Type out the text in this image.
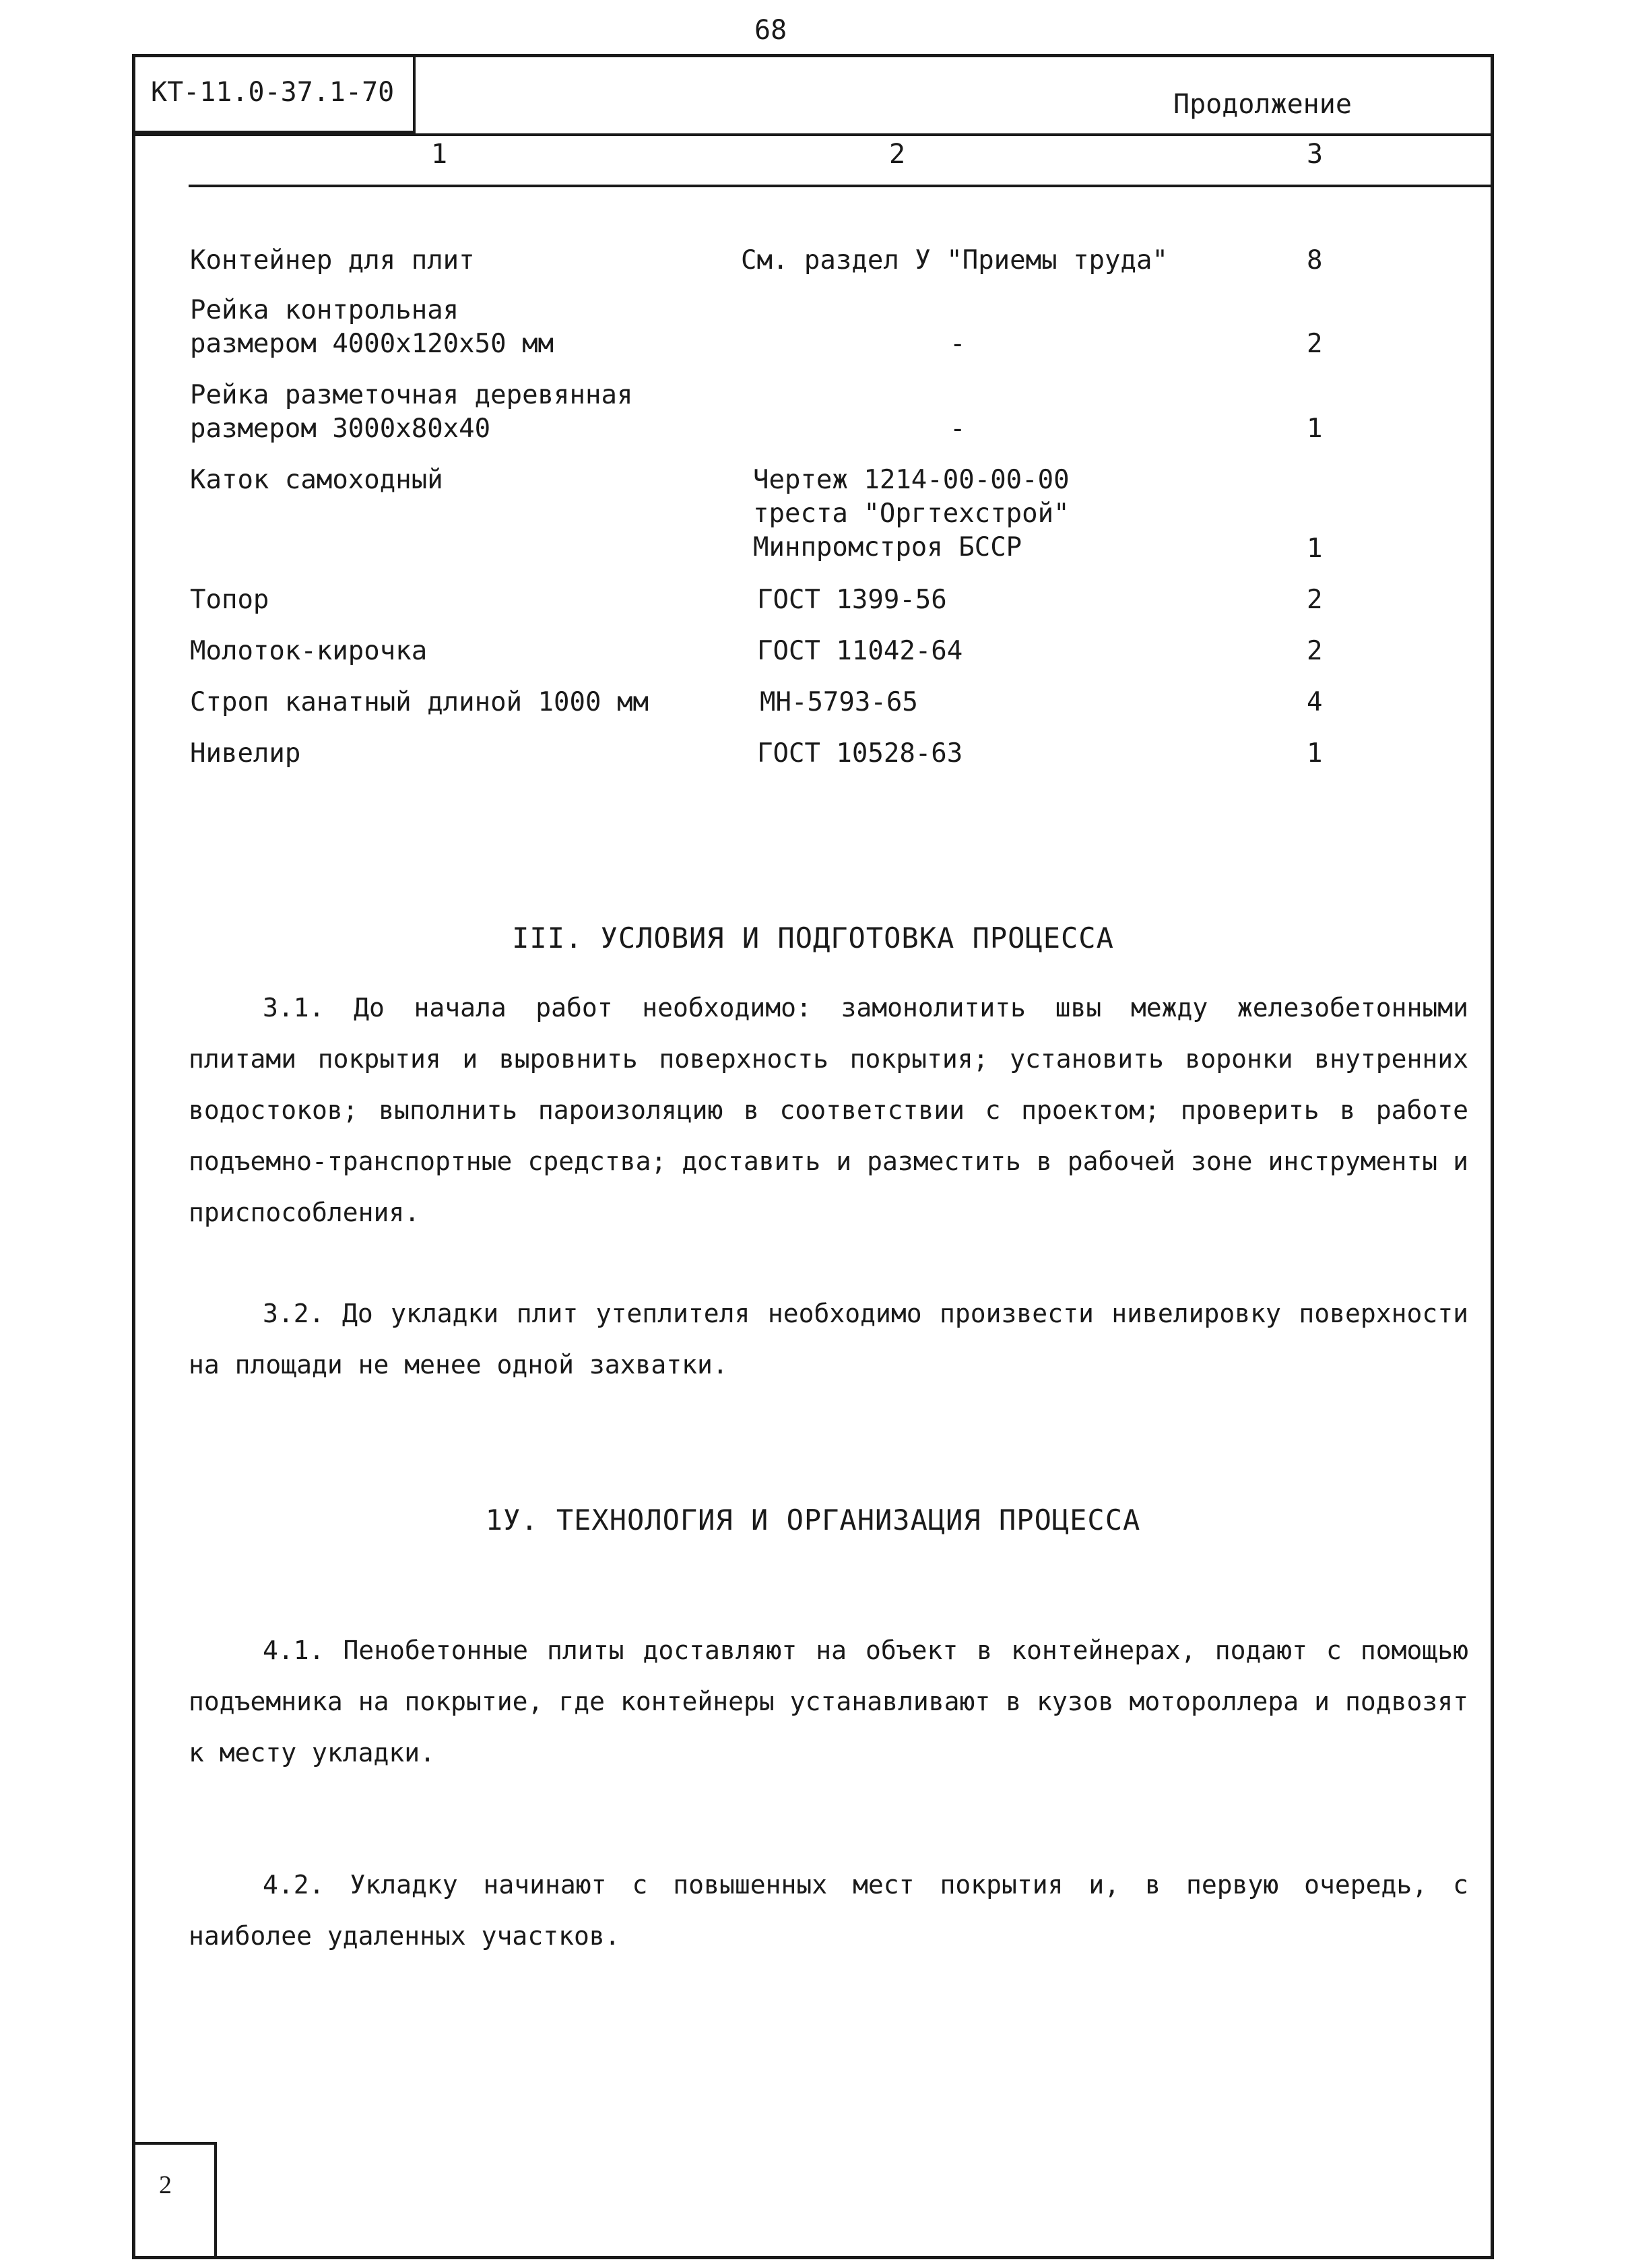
68
КТ-11.0-37.1-70	Продолжение
1	2	3
Контейнер для плит	См. раздел У "Приемы труда"	8
Рейка контрольная
размером 4000х120х50 мм	-	2
Рейка разметочная деревянная
размером 3000х80х40	-	1
Каток самоходный	Чертеж 1214-00-00-00
треста "Оргтехстрой"
Минпромстроя БССР	1
Топор	ГОСТ 1399-56	2
Молоток-кирочка	ГОСТ 11042-64	2
Строп канатный длиной 1000 мм	МН-5793-65	4
Нивелир	ГОСТ 10528-63	1
III. УСЛОВИЯ И ПОДГОТОВКА ПРОЦЕССА
3.1. До начала работ необходимо: замонолитить швы между железобетонными плитами покрытия и выровнить поверхность покрытия; установить воронки внутренних водостоков; выполнить пароизоляцию в соответствии с проектом; проверить в работе подъемно-транспортные средства; доставить и разместить в рабочей зоне инструменты и приспособления.
3.2. До укладки плит утеплителя необходимо произвести нивелировку поверхности на площади не менее одной захватки.
1У. ТЕХНОЛОГИЯ И ОРГАНИЗАЦИЯ ПРОЦЕССА
4.1. Пенобетонные плиты доставляют на объект в контейнерах, подают с помощью подъемника на покрытие, где контейнеры устанавливают в кузов мотороллера и подвозят к месту укладки.
4.2. Укладку начинают с повышенных мест покрытия и, в первую очередь, с наиболее удаленных участков.
2
